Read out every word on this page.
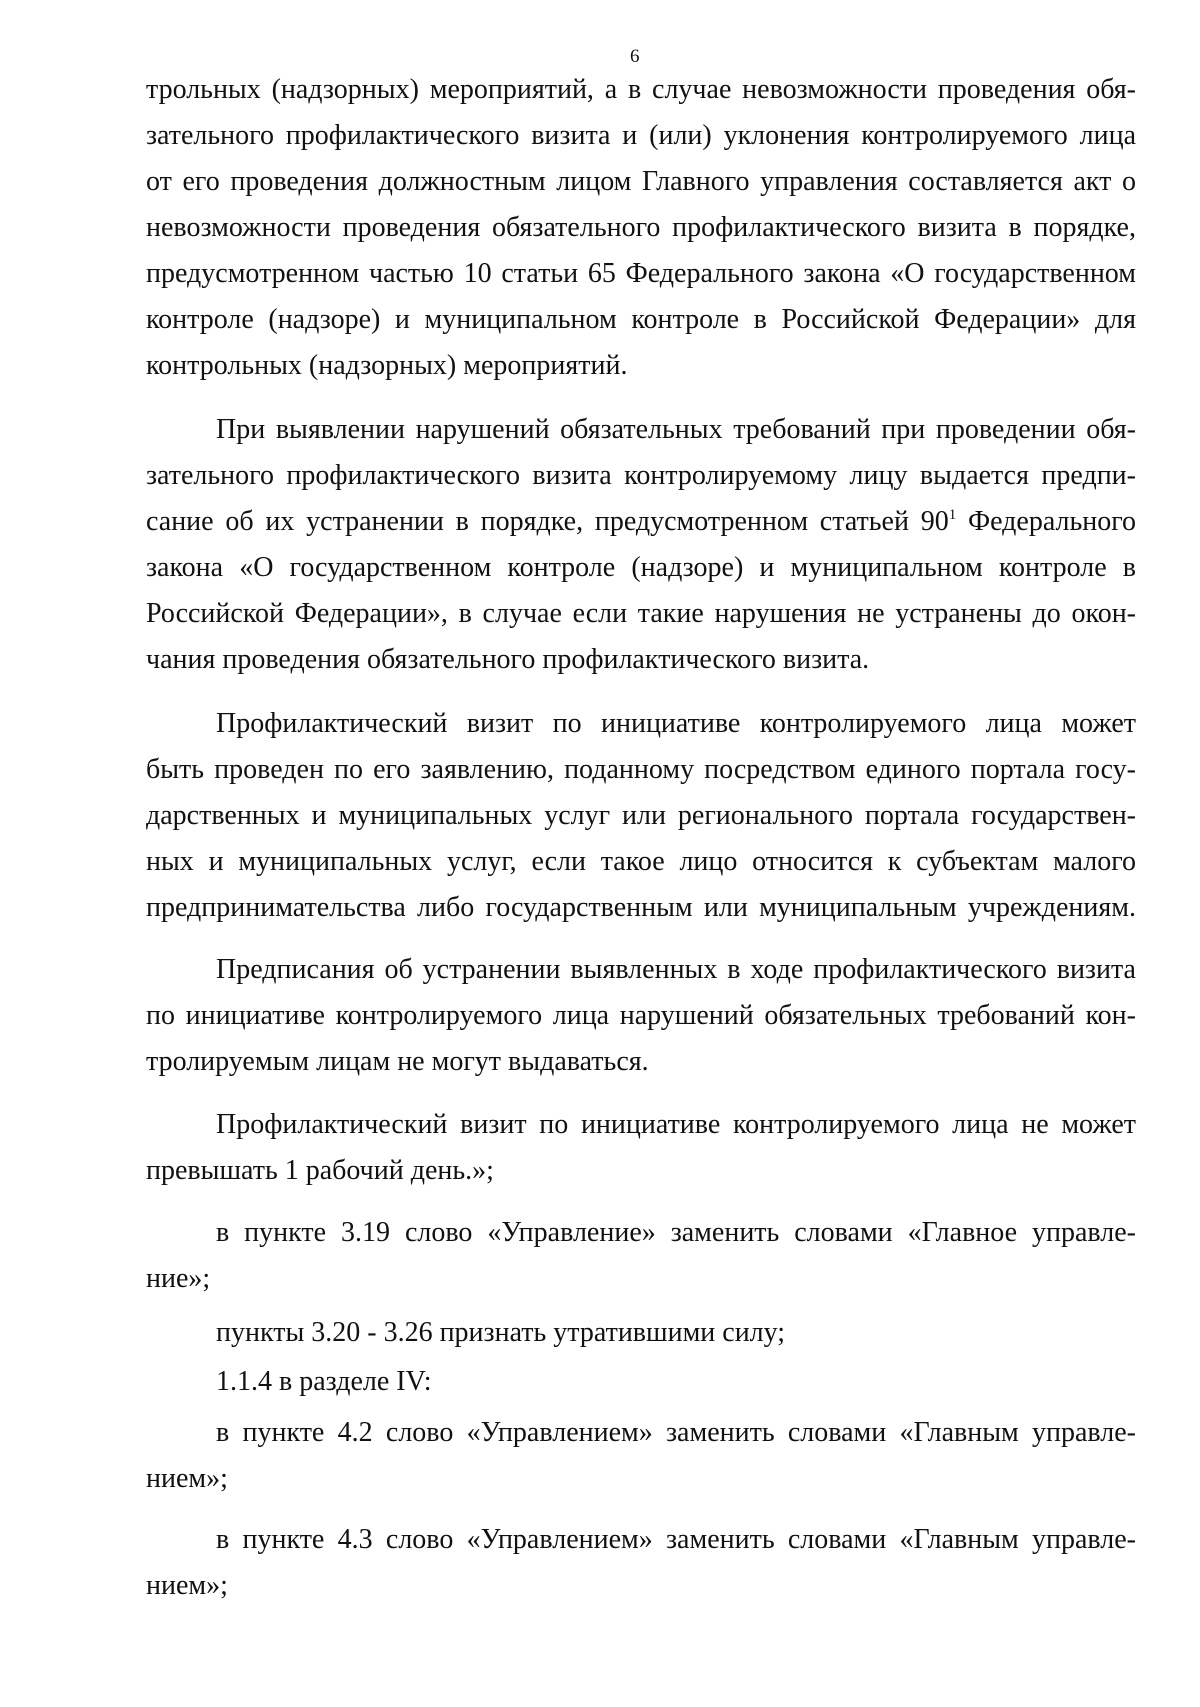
6
трольных (надзорных) мероприятий, а в случае невозможности проведения обя-
зательного профилактического визита и (или) уклонения контролируемого лица
от его проведения должностным лицом Главного управления составляется акт о
невозможности проведения обязательного профилактического визита в порядке,
предусмотренном частью 10 статьи 65 Федерального закона «О государственном
контроле (надзоре) и муниципальном контроле в Российской Федерации» для
контрольных (надзорных) мероприятий.
При выявлении нарушений обязательных требований при проведении обя-
зательного профилактического визита контролируемому лицу выдается предпи-
сание об их устранении в порядке, предусмотренном статьей $90^1$ Федерального
закона «О государственном контроле (надзоре) и муниципальном контроле в
Российской Федерации», в случае если такие нарушения не устранены до окон-
чания проведения обязательного профилактического визита.
Профилактический визит по инициативе контролируемого лица может
быть проведен по его заявлению, поданному посредством единого портала госу-
дарственных и муниципальных услуг или регионального портала государствен-
ных и муниципальных услуг, если такое лицо относится к субъектам малого
предпринимательства либо государственным или муниципальным учреждениям.
Предписания об устранении выявленных в ходе профилактического визита
по инициативе контролируемого лица нарушений обязательных требований кон-
тролируемым лицам не могут выдаваться.
Профилактический визит по инициативе контролируемого лица не может
превышать 1 рабочий день.»;
в пункте 3.19 слово «Управление» заменить словами «Главное управле-
ние»;
пункты 3.20 - 3.26 признать утратившими силу;
1.1.4 в разделе IV:
в пункте 4.2 слово «Управлением» заменить словами «Главным управле-
нием»;
в пункте 4.3 слово «Управлением» заменить словами «Главным управле-
нием»;
